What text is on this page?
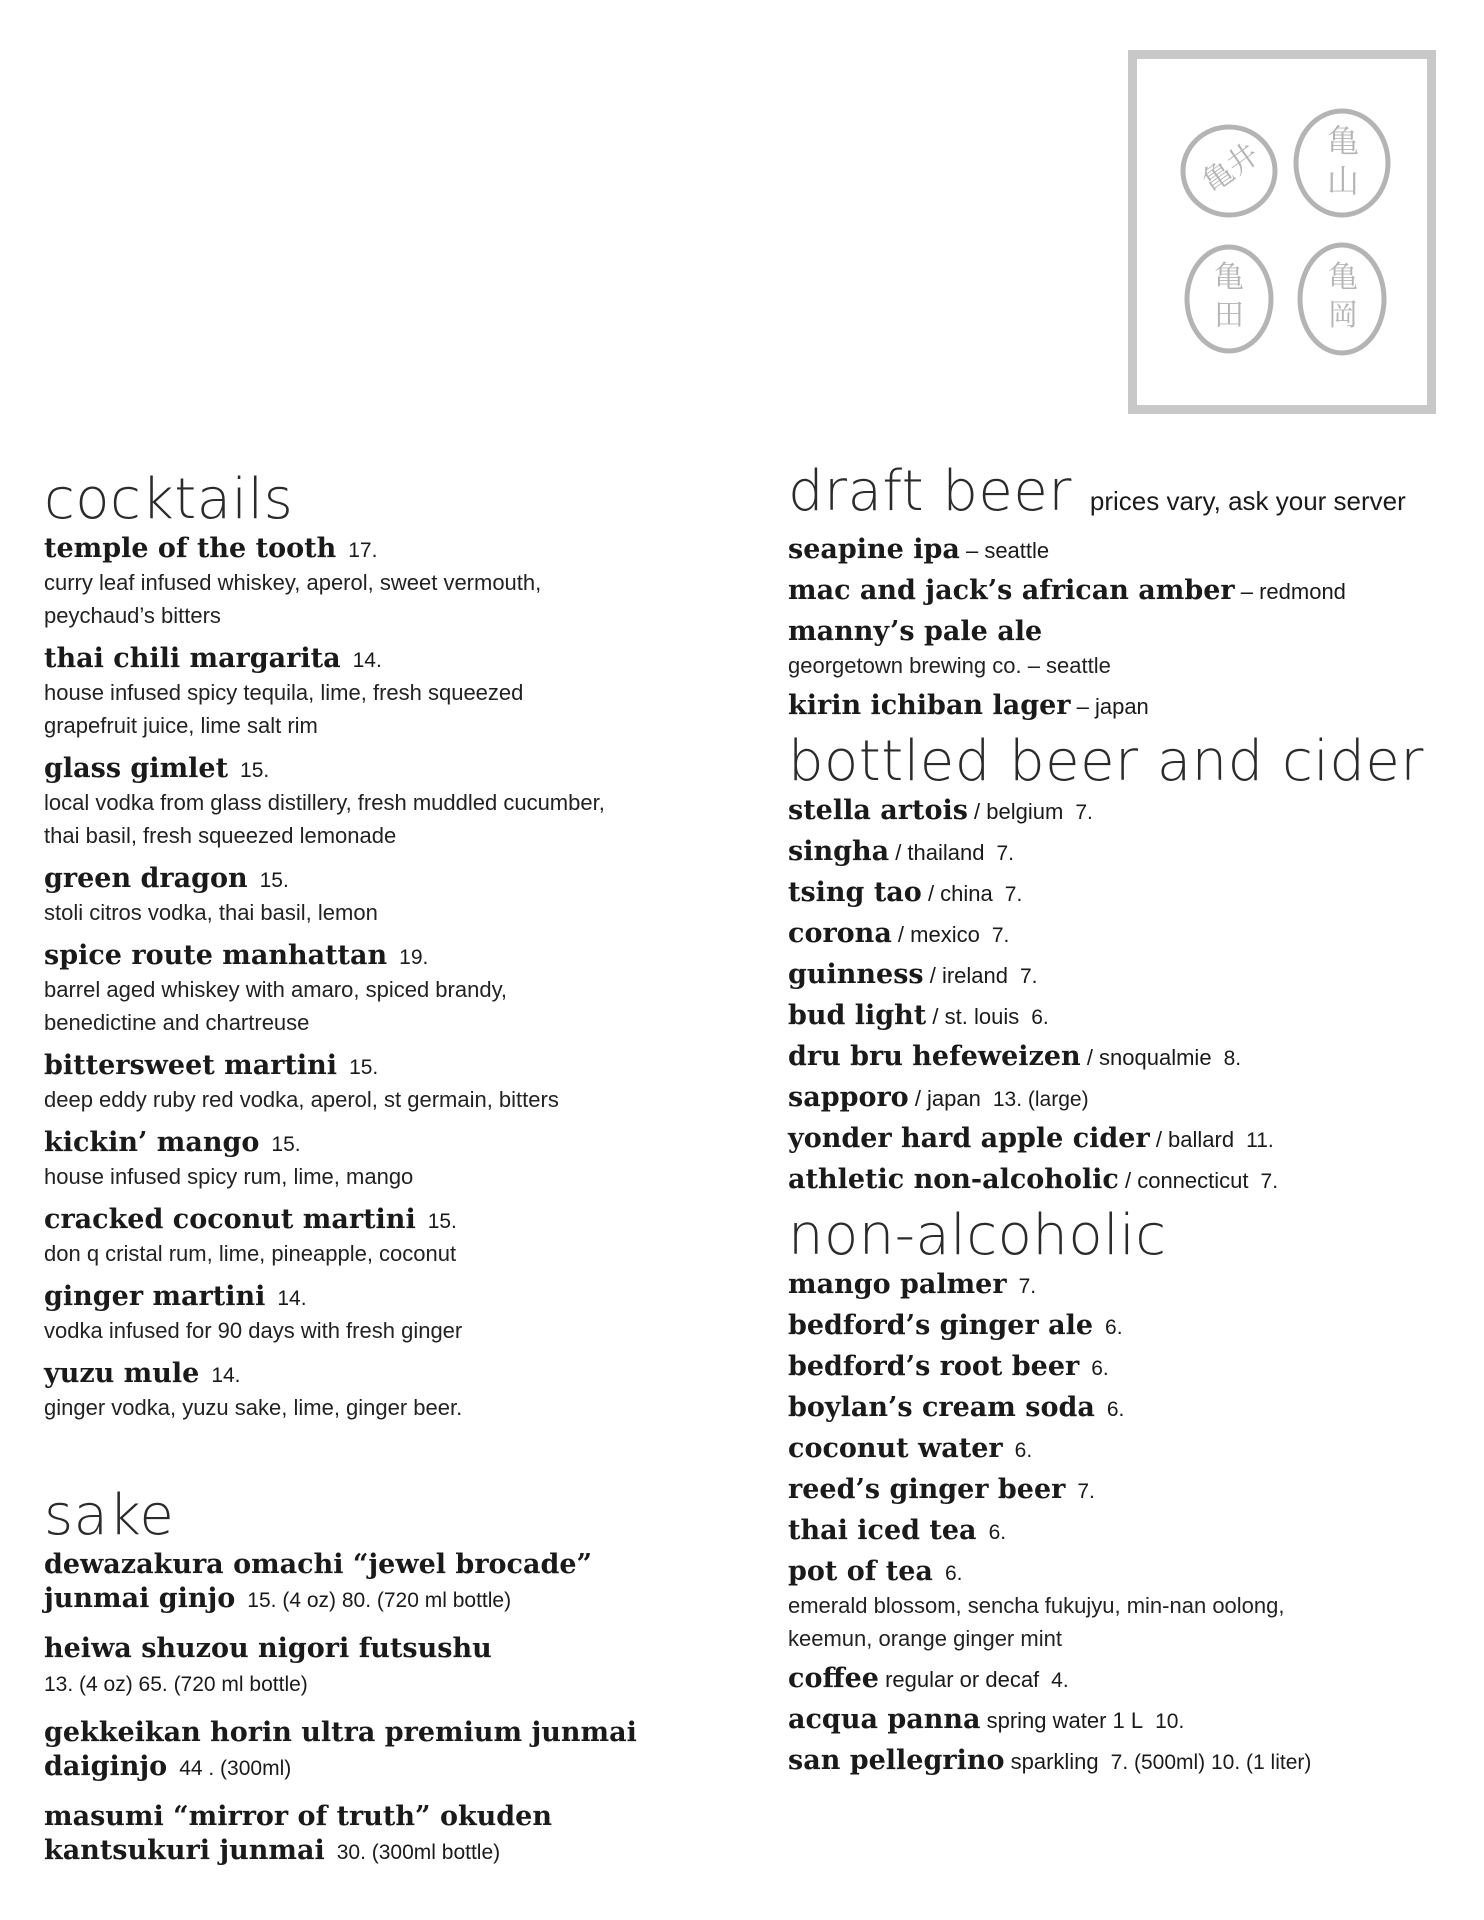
亀井 亀山
亀田
亀岡
cocktails
temple of the tooth 17.

curry leaf infused whiskey, aperol, sweet vermouth,

peychaud’s bitters

thai chili margarita 14.

house infused spicy tequila, lime, fresh squeezed

grapefruit juice, lime salt rim

glass gimlet 15.

local vodka from glass distillery, fresh muddled cucumber,

thai basil, fresh squeezed lemonade

green dragon 15.

stoli citros vodka, thai basil, lemon

spice route manhattan 19.

barrel aged whiskey with amaro, spiced brandy,

benedictine and chartreuse

bittersweet martini 15.

deep eddy ruby red vodka, aperol, st germain, bitters

kickin’ mango 15.

house infused spicy rum, lime, mango

cracked coconut martini 15.

don q cristal rum, lime, pineapple, coconut

ginger martini 14.

vodka infused for 90 days with fresh ginger

yuzu mule 14.

ginger vodka, yuzu sake, lime, ginger beer.

sake
dewazakura omachi “jewel brocade”
junmai ginjo 15. (4 oz) 80. (720 ml bottle)
heiwa shuzou nigori futsushu
13. (4 oz) 65. (720 ml bottle)
gekkeikan horin ultra premium junmai
daiginjo 44 . (300ml)
masumi “mirror of truth” okuden
kantsukuri junmai 30. (300ml bottle)
draft beer prices vary, ask your server
seapine ipa – seattle
mac and jack’s african amber – redmond
manny’s pale ale

georgetown brewing co. – seattle

kirin ichiban lager – japan
bottled beer and cider
stella artois / belgium 7.
singha / thailand 7.
tsing tao / china 7.
corona / mexico 7.
guinness / ireland 7.
bud light / st. louis 6.
dru bru hefeweizen / snoqualmie 8.
sapporo / japan 13. (large)
yonder hard apple cider / ballard 11.
athletic non-alcoholic / connecticut 7.
non-alcoholic
mango palmer 7.
bedford’s ginger ale 6.
bedford’s root beer 6.
boylan’s cream soda 6.
coconut water 6.
reed’s ginger beer 7.
thai iced tea 6.
pot of tea 6.

emerald blossom, sencha fukujyu, min-nan oolong,

keemun, orange ginger mint

coffee regular or decaf 4.
acqua panna spring water 1 L 10.
san pellegrino sparkling 7. (500ml) 10. (1 liter)
